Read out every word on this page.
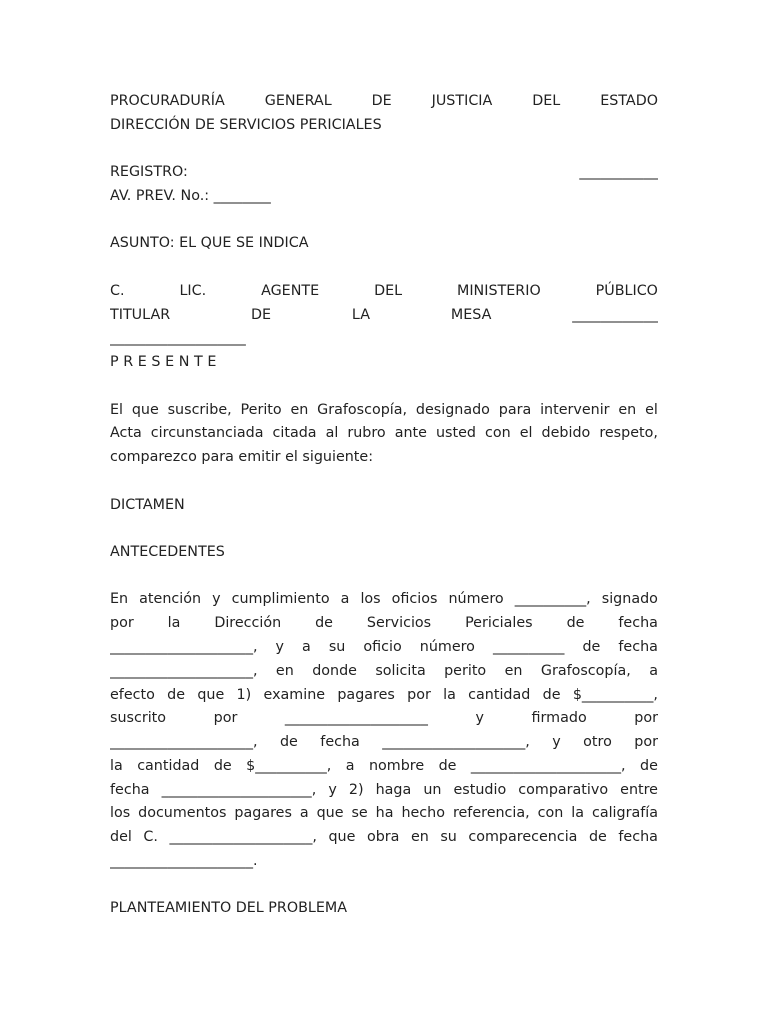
PROCURADURÍA	GENERAL	DE	JUSTICIA	DEL	ESTADO
DIRECCIÓN DE SERVICIOS PERICIALES
REGISTRO:	___________
AV. PREV. No.: ________
ASUNTO: EL QUE SE INDICA
C.	LIC.	AGENTE	DEL	MINISTERIO	PÚBLICO
TITULAR	DE	LA	MESA	____________
___________________
PRESENTE
El que suscribe, Perito en Grafoscopía, designado para intervenir en el
Acta circunstanciada citada al rubro ante usted con el debido respeto,
comparezco para emitir el siguiente:
DICTAMEN
ANTECEDENTES
En atención y cumplimiento a los oficios número __________, signado
por la Dirección de Servicios Periciales de fecha
____________________, y a su oficio número __________ de fecha
____________________, en donde solicita perito en Grafoscopía, a
efecto de que 1) examine pagares por la cantidad de $__________,
suscrito	por	____________________	y	firmado	por
____________________, de fecha ____________________, y otro por
la cantidad de $__________, a nombre de _____________________, de
fecha _____________________, y 2) haga un estudio comparativo entre
los documentos pagares a que se ha hecho referencia, con la caligrafía
del C. ____________________, que obra en su comparecencia de fecha
____________________.
PLANTEAMIENTO DEL PROBLEMA
